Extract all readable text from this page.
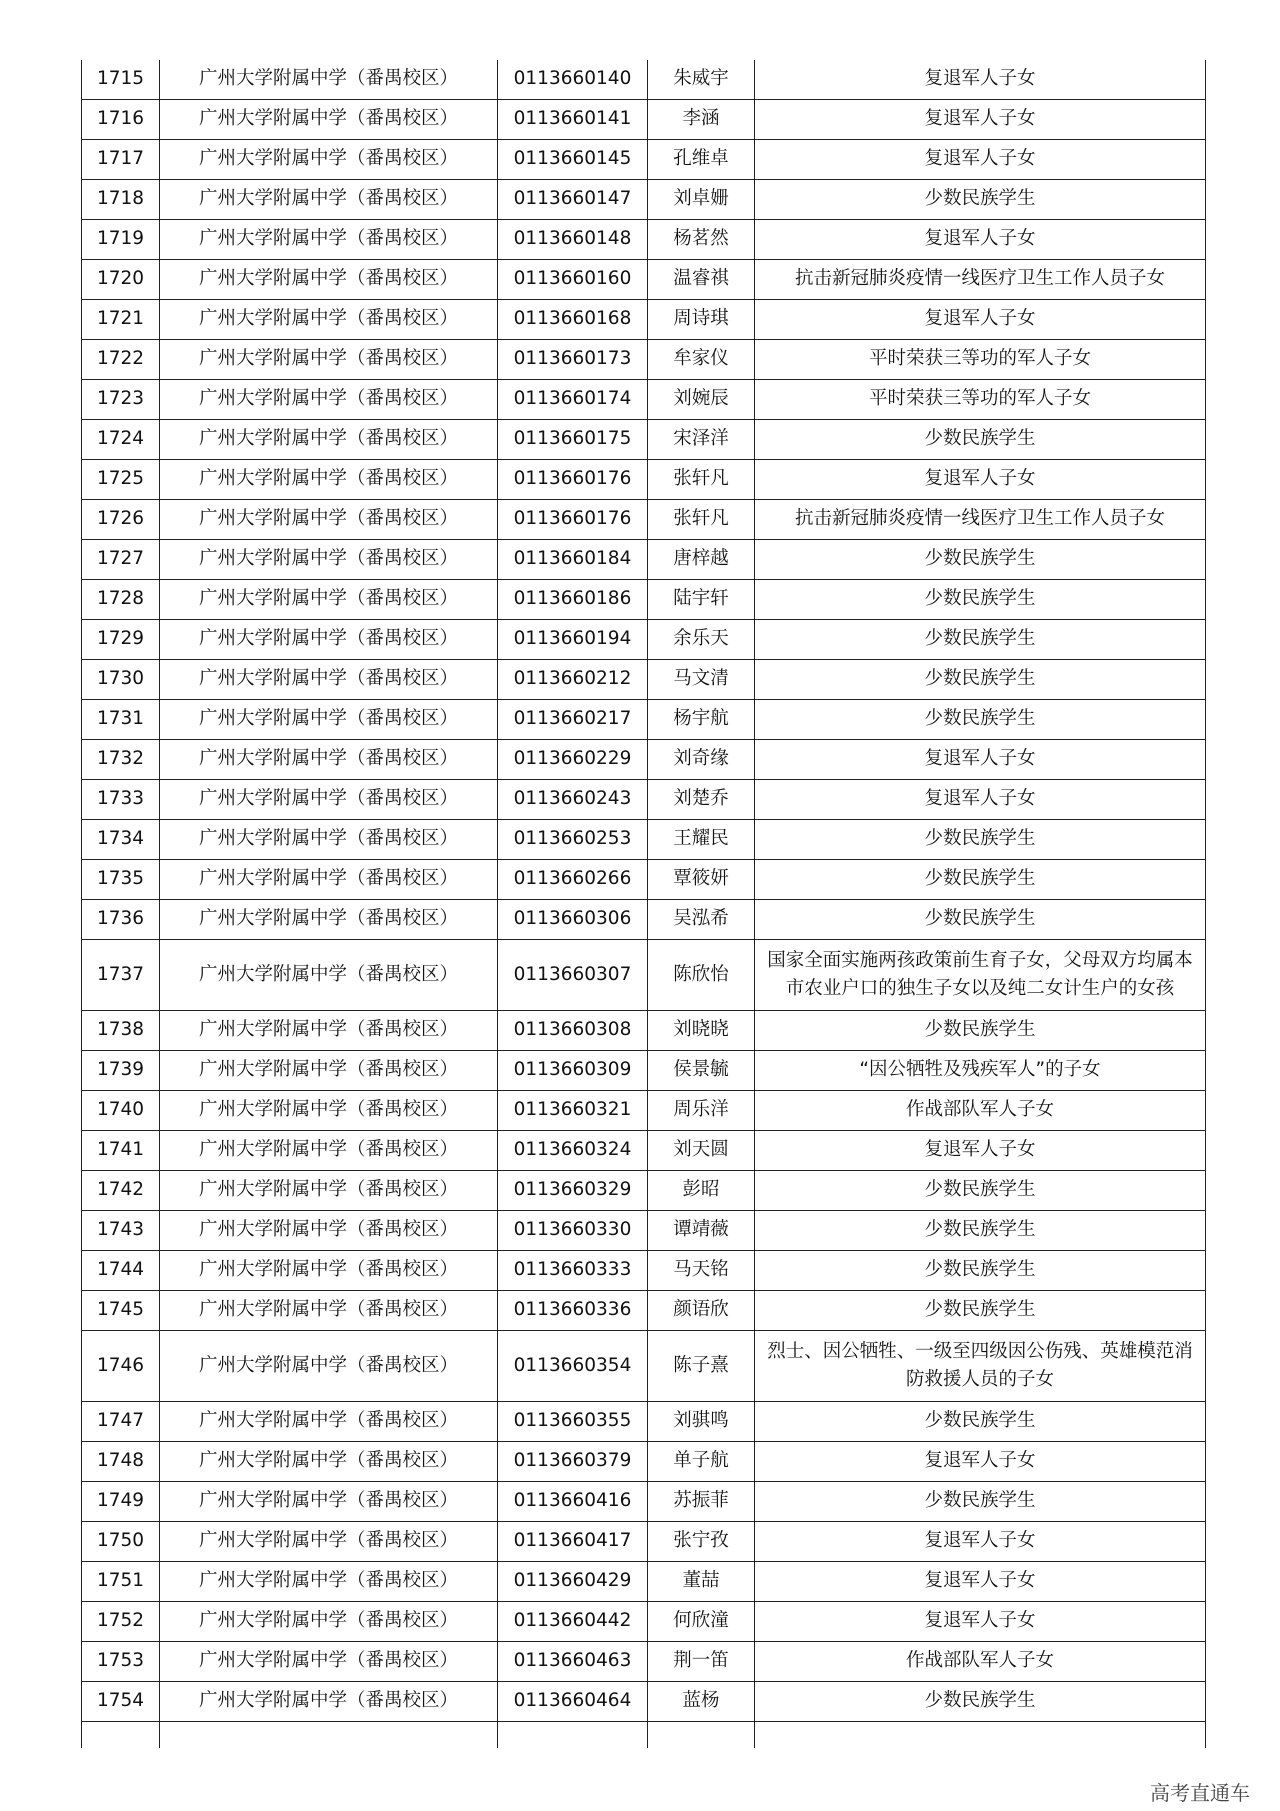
1715	广州大学附属中学（番禺校区）	0113660140	朱威宇	复退军人子女
1716	广州大学附属中学（番禺校区）	0113660141	李涵	复退军人子女
1717	广州大学附属中学（番禺校区）	0113660145	孔维卓	复退军人子女
1718	广州大学附属中学（番禺校区）	0113660147	刘卓姗	少数民族学生
1719	广州大学附属中学（番禺校区）	0113660148	杨茗然	复退军人子女
1720	广州大学附属中学（番禺校区）	0113660160	温睿祺	抗击新冠肺炎疫情一线医疗卫生工作人员子女
1721	广州大学附属中学（番禺校区）	0113660168	周诗琪	复退军人子女
1722	广州大学附属中学（番禺校区）	0113660173	牟家仪	平时荣获三等功的军人子女
1723	广州大学附属中学（番禺校区）	0113660174	刘婉辰	平时荣获三等功的军人子女
1724	广州大学附属中学（番禺校区）	0113660175	宋泽洋	少数民族学生
1725	广州大学附属中学（番禺校区）	0113660176	张轩凡	复退军人子女
1726	广州大学附属中学（番禺校区）	0113660176	张轩凡	抗击新冠肺炎疫情一线医疗卫生工作人员子女
1727	广州大学附属中学（番禺校区）	0113660184	唐梓越	少数民族学生
1728	广州大学附属中学（番禺校区）	0113660186	陆宇轩	少数民族学生
1729	广州大学附属中学（番禺校区）	0113660194	余乐天	少数民族学生
1730	广州大学附属中学（番禺校区）	0113660212	马文清	少数民族学生
1731	广州大学附属中学（番禺校区）	0113660217	杨宇航	少数民族学生
1732	广州大学附属中学（番禺校区）	0113660229	刘奇缘	复退军人子女
1733	广州大学附属中学（番禺校区）	0113660243	刘楚乔	复退军人子女
1734	广州大学附属中学（番禺校区）	0113660253	王耀民	少数民族学生
1735	广州大学附属中学（番禺校区）	0113660266	覃筱妍	少数民族学生
1736	广州大学附属中学（番禺校区）	0113660306	吴泓希	少数民族学生
1737	广州大学附属中学（番禺校区）	0113660307	陈欣怡	国家全面实施两孩政策前生育子女，父母双方均属本市农业户口的独生子女以及纯二女计生户的女孩
1738	广州大学附属中学（番禺校区）	0113660308	刘晓晓	少数民族学生
1739	广州大学附属中学（番禺校区）	0113660309	侯景毓	“因公牺牲及残疾军人”的子女
1740	广州大学附属中学（番禺校区）	0113660321	周乐洋	作战部队军人子女
1741	广州大学附属中学（番禺校区）	0113660324	刘天圆	复退军人子女
1742	广州大学附属中学（番禺校区）	0113660329	彭昭	少数民族学生
1743	广州大学附属中学（番禺校区）	0113660330	谭靖薇	少数民族学生
1744	广州大学附属中学（番禺校区）	0113660333	马天铭	少数民族学生
1745	广州大学附属中学（番禺校区）	0113660336	颜语欣	少数民族学生
1746	广州大学附属中学（番禺校区）	0113660354	陈子熹	烈士、因公牺牲、一级至四级因公伤残、英雄模范消防救援人员的子女
1747	广州大学附属中学（番禺校区）	0113660355	刘骐鸣	少数民族学生
1748	广州大学附属中学（番禺校区）	0113660379	单子航	复退军人子女
1749	广州大学附属中学（番禺校区）	0113660416	苏振菲	少数民族学生
1750	广州大学附属中学（番禺校区）	0113660417	张宁孜	复退军人子女
1751	广州大学附属中学（番禺校区）	0113660429	董喆	复退军人子女
1752	广州大学附属中学（番禺校区）	0113660442	何欣潼	复退军人子女
1753	广州大学附属中学（番禺校区）	0113660463	荆一笛	作战部队军人子女
1754	广州大学附属中学（番禺校区）	0113660464	蓝杨	少数民族学生

高考直通车
